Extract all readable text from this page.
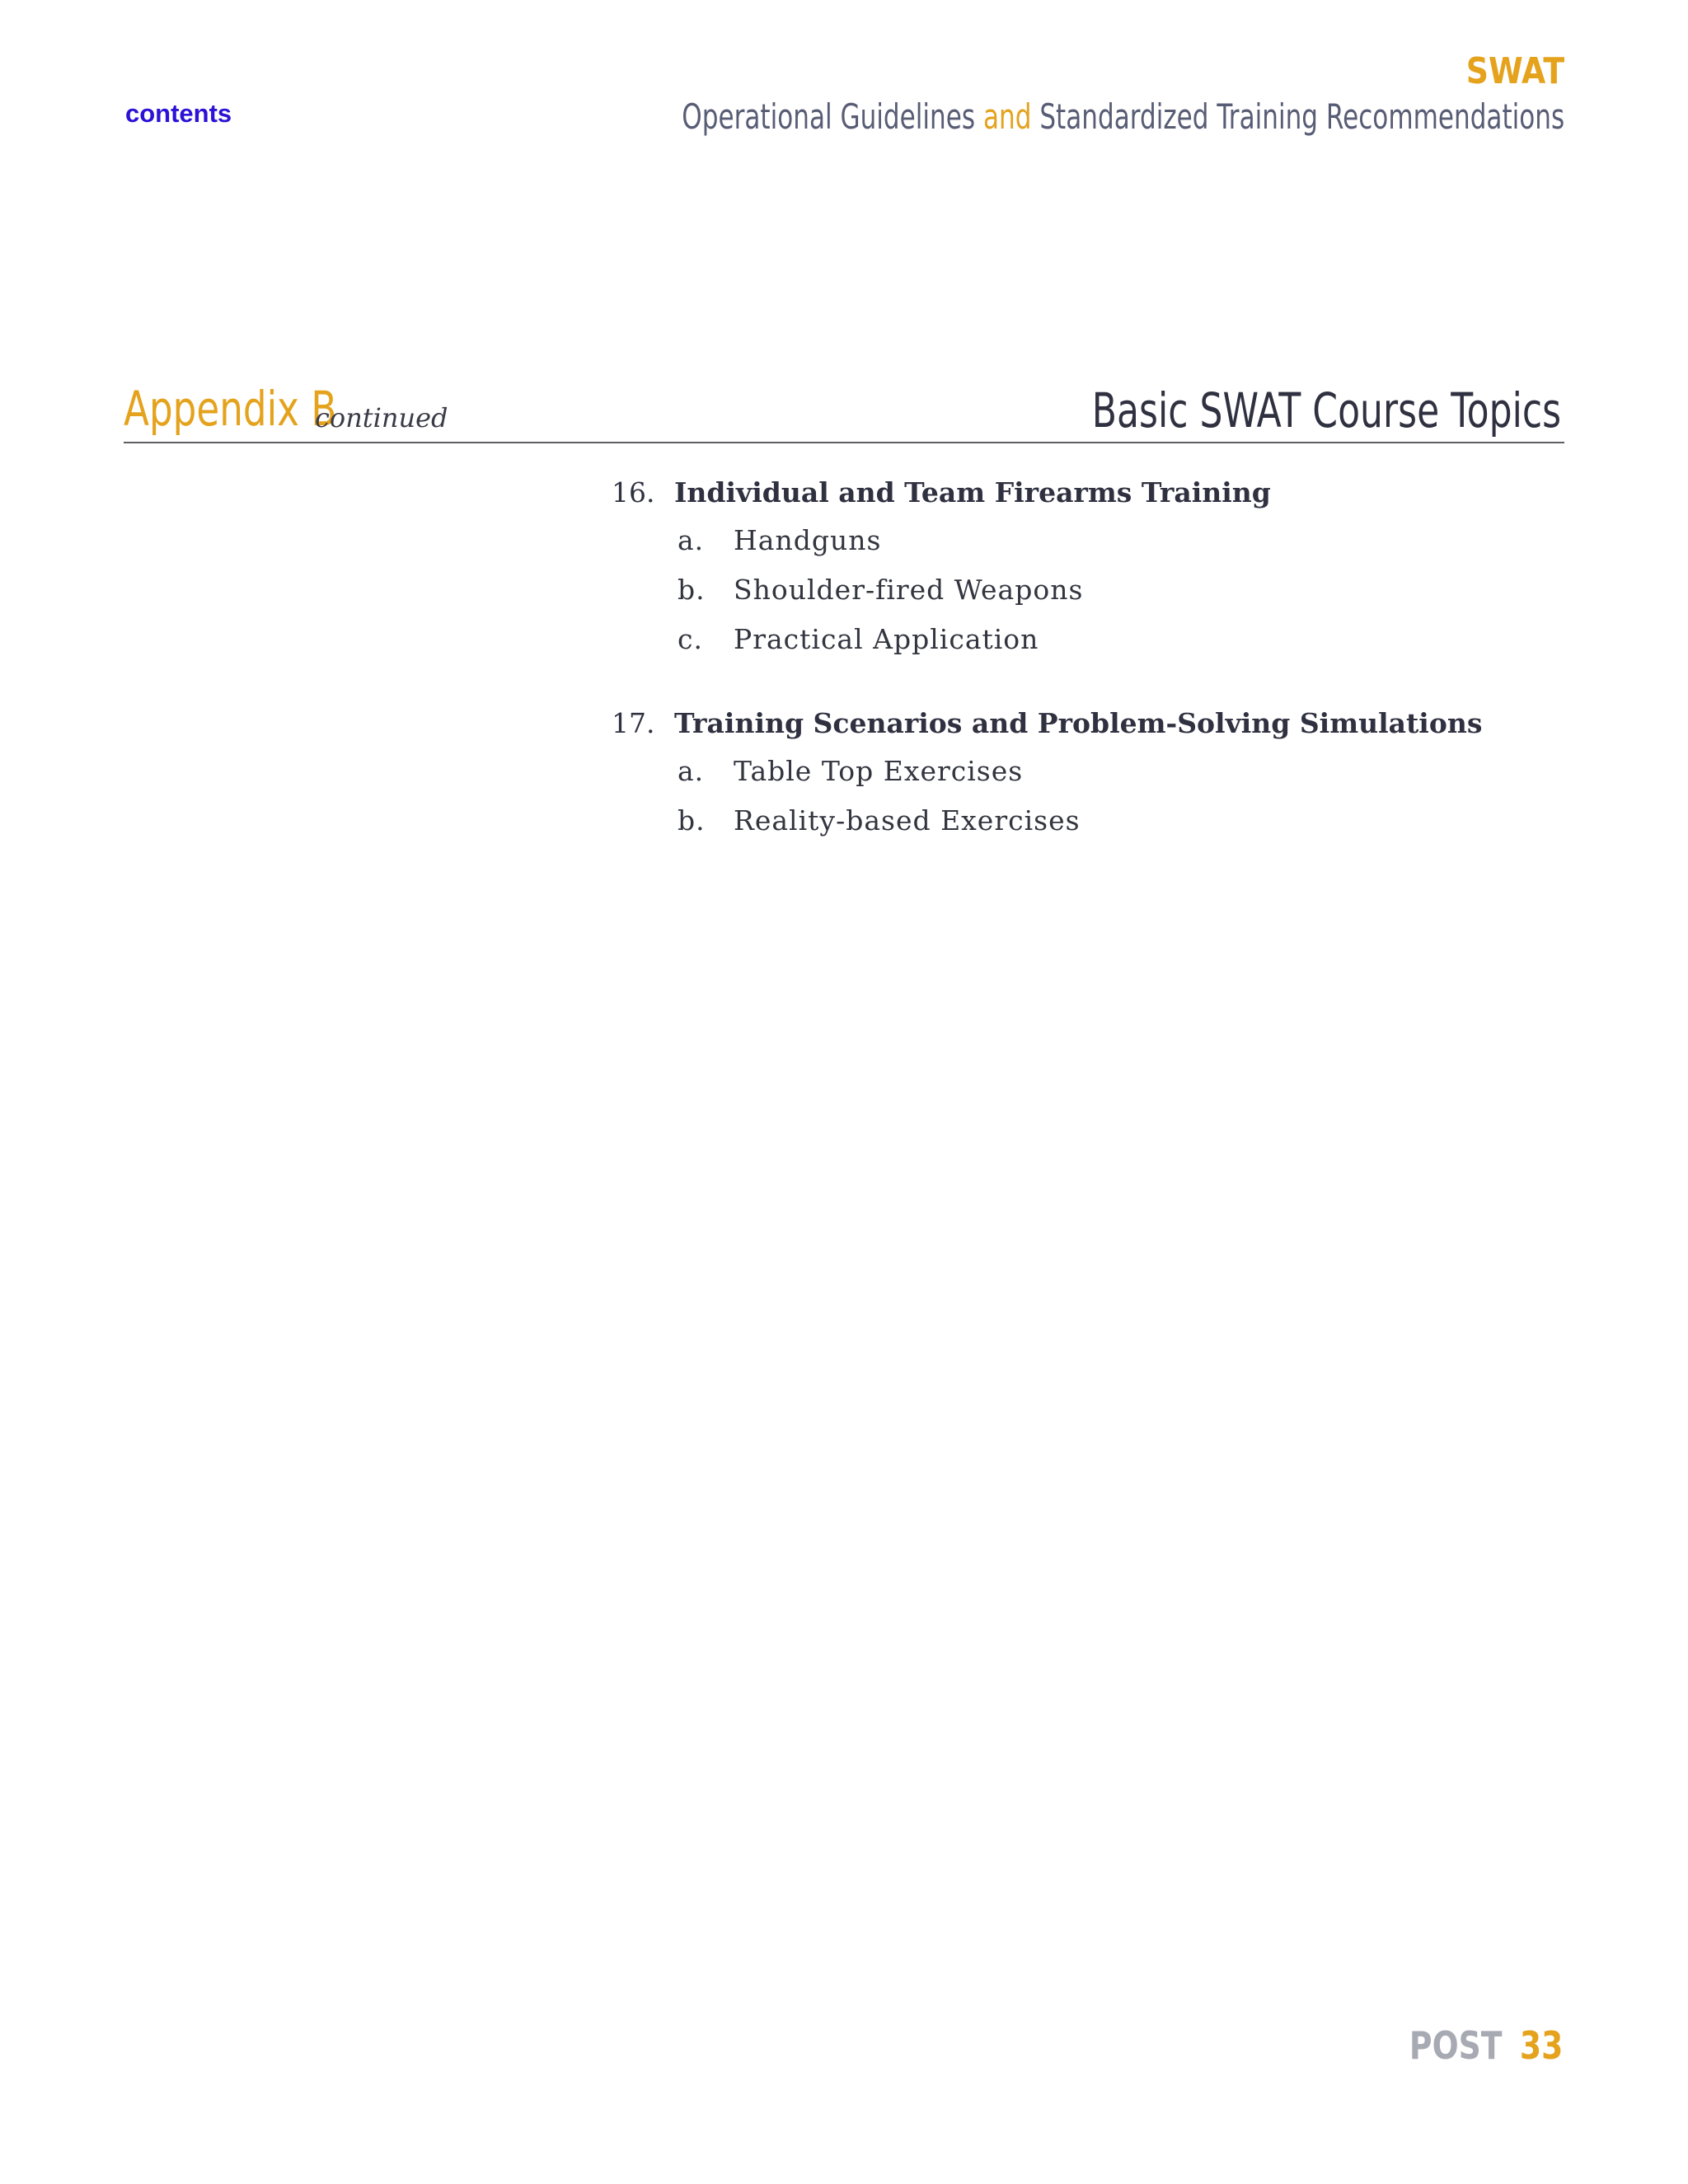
contents
SWAT
Operational Guidelines and Standardized Training Recommendations
Appendix B
continued	Basic SWAT Course Topics
16. Individual and Team Firearms Training
a.	Handguns
b.	Shoulder-fired Weapons
c.	Practical Application
17. Training Scenarios and Problem-Solving Simulations
a.	Table Top Exercises
b.	Reality-based Exercises
POST 33
